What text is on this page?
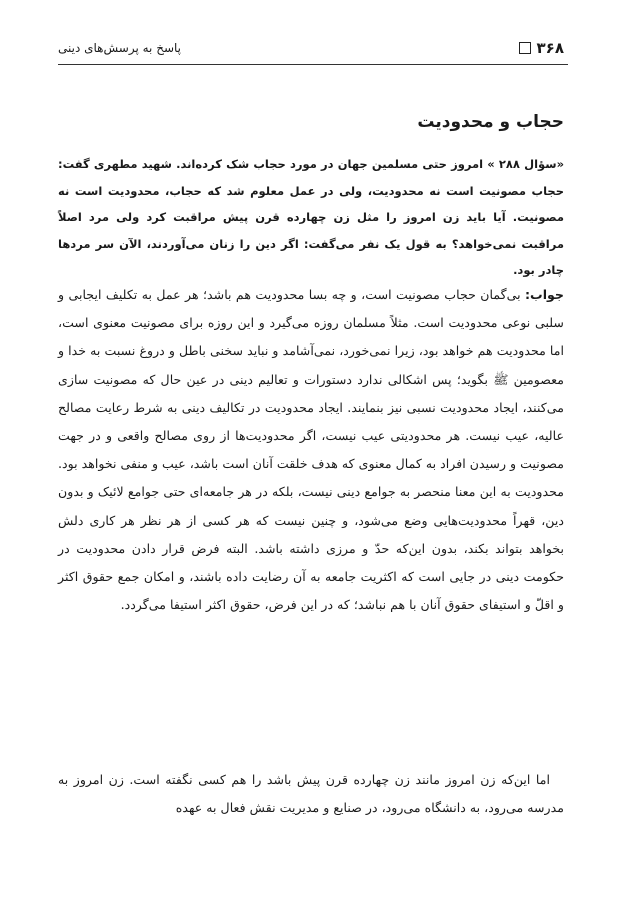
۳۶۸
پاسخ به پرسش‌های دینی
حجاب و محدودیت

«سؤال ۲۸۸ » امروز حتی مسلمین جهان در مورد حجاب شک کرده‌اند. شهید مطهری گفت: حجاب مصونیت است نه محدودیت، ولی در عمل معلوم شد که حجاب، محدودیت است نه مصونیت. آیا باید زن امروز را مثل زن چهارده قرن پیش مراقبت کرد ولی مرد اصلاً مراقبت نمی‌خواهد؟ به قول یک نفر می‌گفت: اگر دین را زنان می‌آوردند، الآن سر مردها چادر بود.

جواب: بی‌گمان حجاب مصونیت است، و چه بسا محدودیت هم باشد؛ هر عمل به تکلیف ایجابی و سلبی نوعی محدودیت است. مثلاً مسلمان روزه می‌گیرد و این روزه برای مصونیت معنوی است، اما محدودیت هم خواهد بود، زیرا نمی‌خورد، نمی‌آشامد و نباید سخنی باطل و دروغ نسبت به خدا و معصومین ﷺ بگوید؛ پس اشکالی ندارد دستورات و تعالیم دینی در عین حال که مصونیت سازی می‌کنند، ایجاد محدودیت نسبی نیز بنمایند. ایجاد محدودیت در تکالیف دینی به شرط رعایت مصالح عالیه، عیب نیست. هر محدودیتی عیب نیست، اگر محدودیت‌ها از روی مصالح واقعی و در جهت مصونیت و رسیدن افراد به کمال معنوی که هدف خلقت آنان است باشد، عیب و منفی نخواهد بود. محدودیت به این معنا منحصر به جوامع دینی نیست، بلکه در هر جامعه‌ای حتی جوامع لائیک و بدون دین، قهراً محدودیت‌هایی وضع می‌شود، و چنین نیست که هر کسی از هر نظر هر کاری دلش بخواهد بتواند بکند، بدون این‌که حدّ و مرزی داشته باشد. البته فرض قرار دادن محدودیت در حکومت دینی در جایی است که اکثریت جامعه به آن رضایت داده باشند، و امکان جمع حقوق اکثر و اقلّ و استیفای حقوق آنان با هم نباشد؛ که در این فرض، حقوق اکثر استیفا می‌گردد.

اما این‌که زن امروز مانند زن چهارده قرن پیش باشد را هم کسی نگفته است. زن امروز به مدرسه می‌رود، به دانشگاه می‌رود، در صنایع و مدیریت نقش فعال به عهده
